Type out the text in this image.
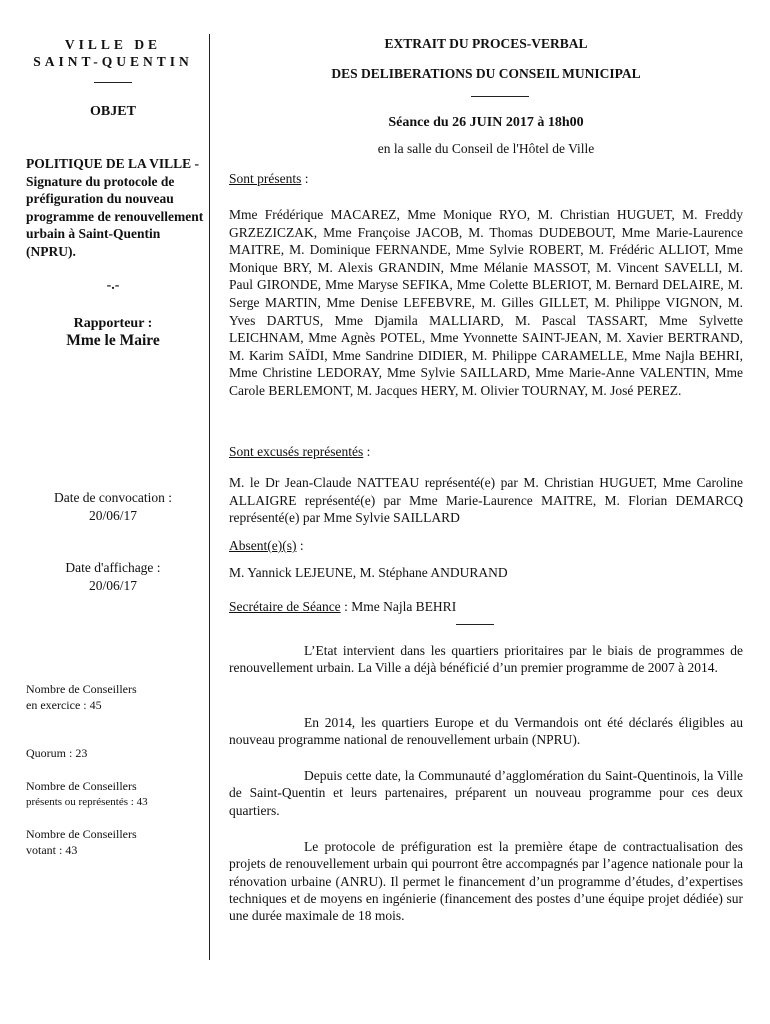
VILLE DE
SAINT-QUENTIN
OBJET
POLITIQUE DE LA VILLE - Signature du protocole de préfiguration du nouveau programme de renouvellement urbain à Saint-Quentin (NPRU).
-.-
Rapporteur :
Mme le Maire
Date de convocation :
20/06/17
Date d'affichage :
20/06/17
Nombre de Conseillers
en exercice : 45
Quorum : 23
Nombre de Conseillers
présents ou représentés : 43
Nombre de Conseillers
votant : 43
EXTRAIT DU PROCES-VERBAL
DES DELIBERATIONS DU CONSEIL MUNICIPAL
Séance du 26 JUIN 2017 à 18h00
en la salle du Conseil de l'Hôtel de Ville
Sont présents :
Mme Frédérique MACAREZ, Mme Monique RYO, M. Christian HUGUET, M. Freddy GRZEZICZAK, Mme Françoise JACOB, M. Thomas DUDEBOUT, Mme Marie-Laurence MAITRE, M. Dominique FERNANDE, Mme Sylvie ROBERT, M. Frédéric ALLIOT, Mme Monique BRY, M. Alexis GRANDIN, Mme Mélanie MASSOT, M. Vincent SAVELLI, M. Paul GIRONDE, Mme Maryse SEFIKA, Mme Colette BLERIOT, M. Bernard DELAIRE, M. Serge MARTIN, Mme Denise LEFEBVRE, M. Gilles GILLET, M. Philippe VIGNON, M. Yves DARTUS, Mme Djamila MALLIARD, M. Pascal TASSART, Mme Sylvette LEICHNAM, Mme Agnès POTEL, Mme Yvonnette SAINT-JEAN, M. Xavier BERTRAND, M. Karim SAÏDI, Mme Sandrine DIDIER, M. Philippe CARAMELLE, Mme Najla BEHRI, Mme Christine LEDORAY, Mme Sylvie SAILLARD, Mme Marie-Anne VALENTIN, Mme Carole BERLEMONT, M. Jacques HERY, M. Olivier TOURNAY, M. José PEREZ.
Sont excusés représentés :
M. le Dr Jean-Claude NATTEAU représenté(e) par M. Christian HUGUET, Mme Caroline ALLAIGRE représenté(e) par Mme Marie-Laurence MAITRE, M. Florian DEMARCQ représenté(e) par Mme Sylvie SAILLARD
Absent(e)(s) :
M. Yannick LEJEUNE, M. Stéphane ANDURAND
Secrétaire de Séance : Mme Najla BEHRI
L’Etat intervient dans les quartiers prioritaires par le biais de programmes de renouvellement urbain. La Ville a déjà bénéficié d’un premier programme de 2007 à 2014.
En 2014, les quartiers Europe et du Vermandois ont été déclarés éligibles au nouveau programme national de renouvellement urbain (NPRU).
Depuis cette date, la Communauté d’agglomération du Saint-Quentinois, la Ville de Saint-Quentin et leurs partenaires, préparent un nouveau programme pour ces deux quartiers.
Le protocole de préfiguration est la première étape de contractualisation des projets de renouvellement urbain qui pourront être accompagnés par l’agence nationale pour la rénovation urbaine (ANRU). Il permet le financement d’un programme d’études, d’expertises techniques et de moyens en ingénierie (financement des postes d’une équipe projet dédiée) sur une durée maximale de 18 mois.
